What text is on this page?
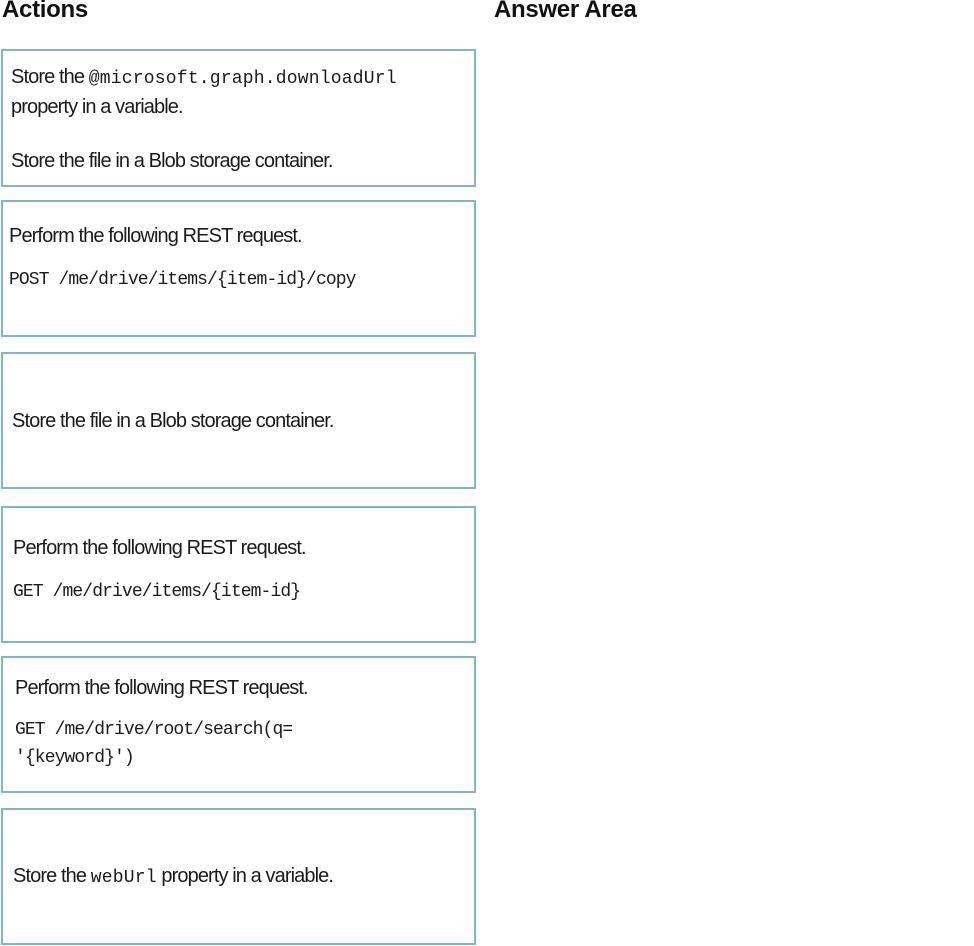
Actions	Answer Area

Store the @microsoft.graph.downloadUrl

property in a variable.

Store the file in a Blob storage container.

Perform the following REST request.

POST /me/drive/items/{item-id}/copy

Store the file in a Blob storage container.

Perform the following REST request.

GET /me/drive/items/{item-id}

Perform the following REST request.

GET /me/drive/root/search(q=

'{keyword}')

Store the webUrl property in a variable.
